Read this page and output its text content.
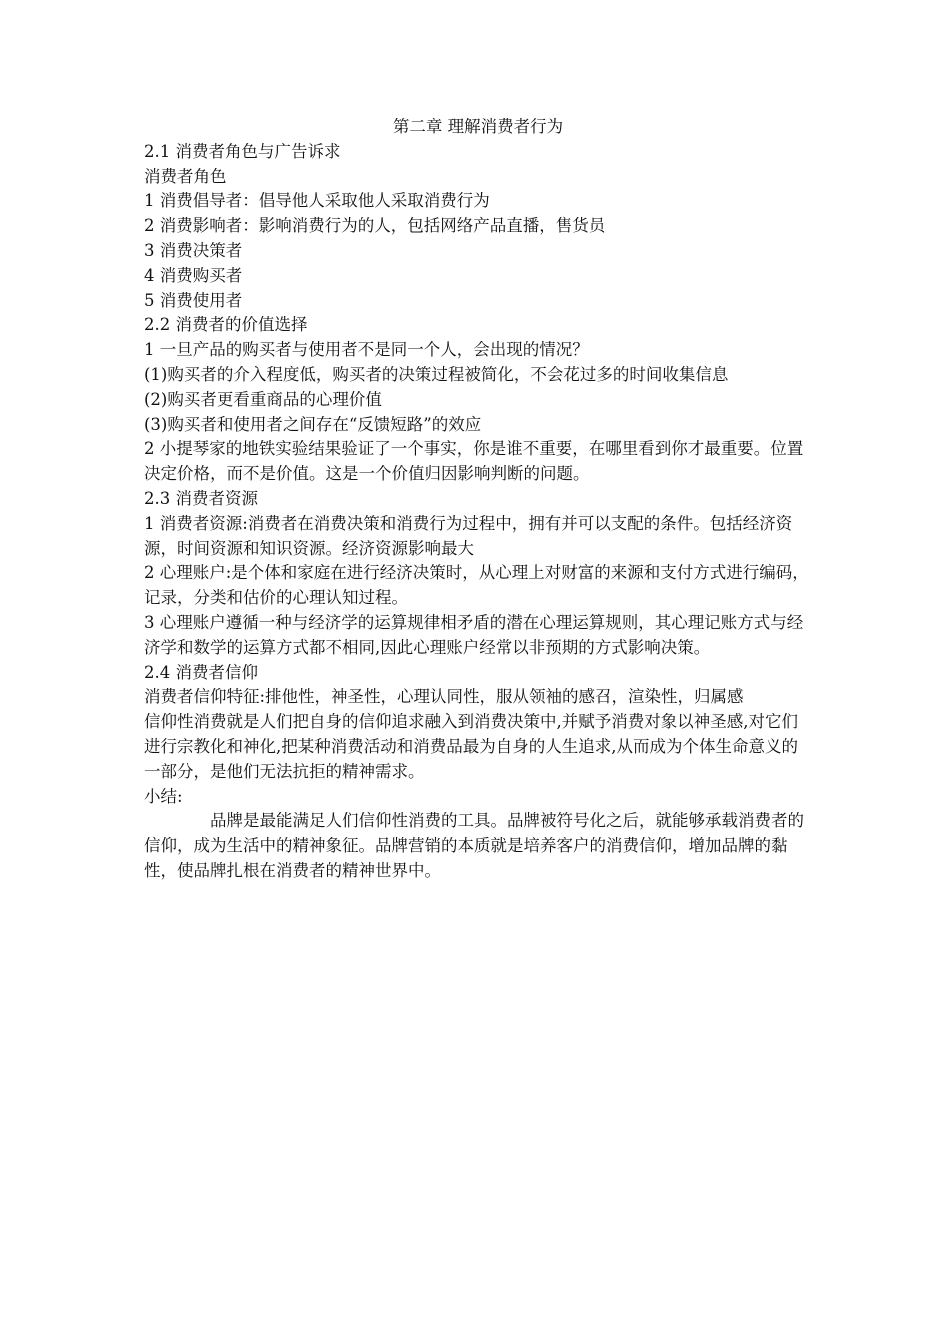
第二章 理解消费者行为
2.1 消费者角色与广告诉求
消费者角色
1 消费倡导者：倡导他人采取他人采取消费行为
2 消费影响者：影响消费行为的人，包括网络产品直播，售货员
3 消费决策者
4 消费购买者
5 消费使用者
2.2 消费者的价值选择
1 一旦产品的购买者与使用者不是同一个人，会出现的情况？
(1)购买者的介入程度低，购买者的决策过程被简化，不会花过多的时间收集信息
(2)购买者更看重商品的心理价值
(3)购买者和使用者之间存在“反馈短路”的效应
2 小提琴家的地铁实验结果验证了一个事实，你是谁不重要，在哪里看到你才最重要。位置决定价格，而不是价值。这是一个价值归因影响判断的问题。
2.3 消费者资源
1 消费者资源:消费者在消费决策和消费行为过程中，拥有并可以支配的条件。包括经济资源，时间资源和知识资源。经济资源影响最大
2 心理账户:是个体和家庭在进行经济决策时，从心理上对财富的来源和支付方式进行编码，记录，分类和估价的心理认知过程。
3 心理账户遵循一种与经济学的运算规律相矛盾的潜在心理运算规则，其心理记账方式与经济学和数学的运算方式都不相同,因此心理账户经常以非预期的方式影响决策。
2.4 消费者信仰
消费者信仰特征:排他性，神圣性，心理认同性，服从领袖的感召，渲染性，归属感
信仰性消费就是人们把自身的信仰追求融入到消费决策中,并赋予消费对象以神圣感,对它们进行宗教化和神化,把某种消费活动和消费品最为自身的人生追求,从而成为个体生命意义的一部分，是他们无法抗拒的精神需求。
小结:
品牌是最能满足人们信仰性消费的工具。品牌被符号化之后，就能够承载消费者的信仰，成为生活中的精神象征。品牌营销的本质就是培养客户的消费信仰，增加品牌的黏性，使品牌扎根在消费者的精神世界中。
